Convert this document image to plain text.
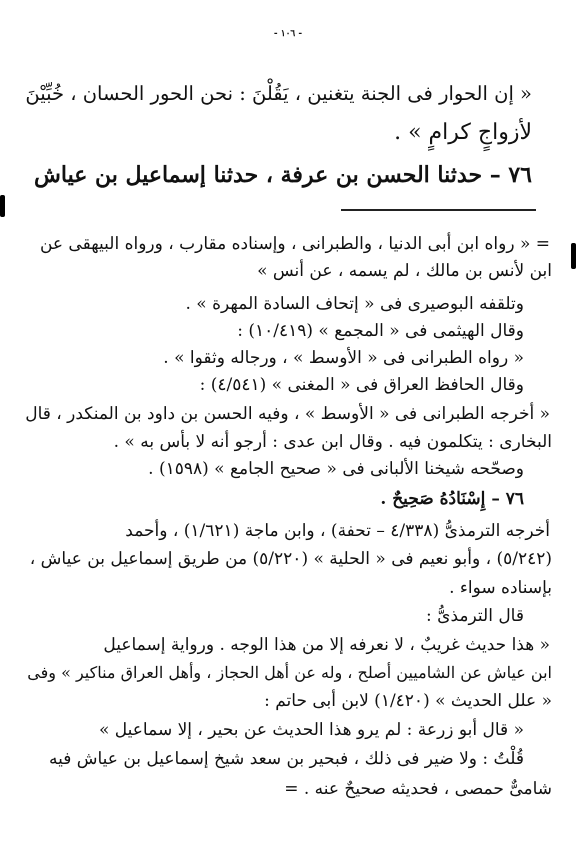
- ١٠٦ -
« إن الحوار فى الجنة يتغنين ، يَقُلْنَ : نحن الحور الحسان ، خُبِّيْنَ
لأزواجٍ كرامٍ » .
٧٦ – حدثنا الحسن بن عرفة ، حدثنا إسماعيل بن عياش
= « رواه ابن أبى الدنيا ، والطبرانى ، وإسناده مقارب ، ورواه البيهقى عن
ابن لأنس بن مالك ، لم يسمه ، عن أنس »
وتلقفه البوصيرى فى « إتحاف السادة المهرة » .
وقال الهيثمى فى « المجمع » (١٠/٤١٩) :
« رواه الطبرانى فى « الأوسط » ، ورجاله وثقوا » .
وقال الحافظ العراق فى « المغنى » (٤/٥٤١) :
« أخرجه الطبرانى فى « الأوسط » ، وفيه الحسن بن داود بن المنكدر ، قال
البخارى : يتكلمون فيه . وقال ابن عدى : أرجو أنه لا بأس به » .
وصحّحه شيخنا الألبانى فى « صحيح الجامع » (١٥٩٨) .
٧٦ – إِسْنَادُهُ صَحِيحٌ .
أخرجه الترمذىُّ (٤/٣٣٨ – تحفة) ، وابن ماجة (١/٦٢١) ، وأحمد
(٥/٢٤٢) ، وأبو نعيم فى « الحلية » (٥/٢٢٠) من طريق إسماعيل بن عياش ،
بإسناده سواء .
قال الترمذىُّ :
« هذا حديث غريبٌ ، لا نعرفه إلا من هذا الوجه . ورواية إسماعيل
ابن عياش عن الشاميين أصلح ، وله عن أهل الحجاز ، وأهل العراق مناكير » وفى
« علل الحديث » (١/٤٢٠) لابن أبى حاتم :
« قال أبو زرعة : لم يرو هذا الحديث عن بحير ، إلا سماعيل »
قُلْتُ : ولا ضير فى ذلك ، فبحير بن سعد شيخ إسماعيل بن عياش فيه
شامىٌّ حمصى ، فحديثه صحيحٌ عنه . =
